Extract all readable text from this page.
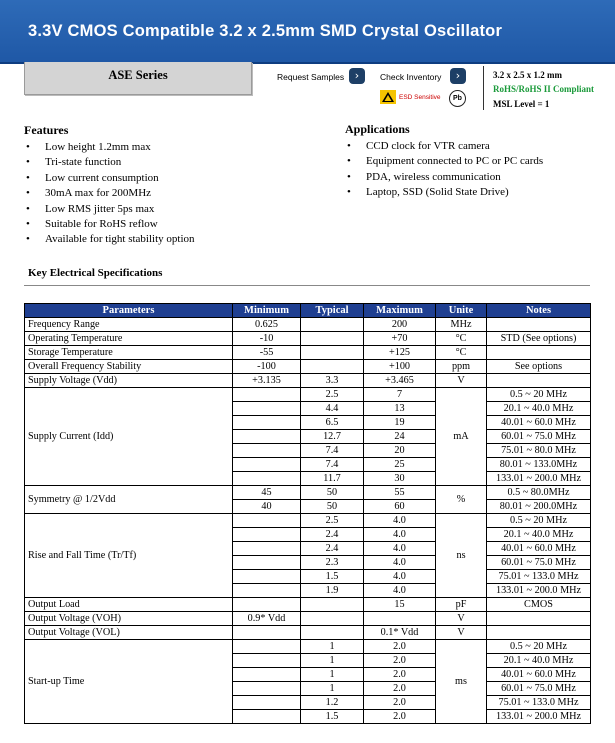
3.3V CMOS Compatible 3.2 x 2.5mm SMD Crystal Oscillator
ASE Series	Request Samples ›	Check Inventory	›
ESD Sensitive	Pb
3.2 x 2.5 x 1.2 mm
RoHS/RoHS II Compliant
MSL Level = 1
Features
• Low height 1.2mm max
• Tri-state function
• Low current consumption
• 30mA max for 200MHz
• Low RMS jitter 5ps max
• Suitable for RoHS reflow
• Available for tight stability option
Applications
• CCD clock for VTR camera
• Equipment connected to PC or PC cards
• PDA, wireless communication
• Laptop, SSD (Solid State Drive)
Key Electrical Specifications
Parameters	Minimum	Typical	Maximum	Unite	Notes
Frequency Range	0.625		200	MHz	
Operating Temperature	-10		+70	°C	STD (See options)
Storage Temperature	-55		+125	°C	
Overall Frequency Stability	-100		+100	ppm	See options
Supply Voltage (Vdd)	+3.135	3.3	+3.465	V	
Supply Current (Idd)		2.5	7	mA	0.5 ~ 20 MHz
		4.4	13		20.1 ~ 40.0 MHz
		6.5	19		40.01 ~ 60.0 MHz
		12.7	24		60.01 ~ 75.0 MHz
		7.4	20		75.01 ~ 80.0 MHz
		7.4	25		80.01 ~ 133.0MHz
		11.7	30		133.01 ~ 200.0 MHz
Symmetry @ 1/2Vdd	45	50	55	%	0.5 ~ 80.0MHz
	40	50	60		80.01 ~ 200.0MHz
Rise and Fall Time (Tr/Tf)		2.5	4.0	ns	0.5 ~ 20 MHz
		2.4	4.0		20.1 ~ 40.0 MHz
		2.4	4.0		40.01 ~ 60.0 MHz
		2.3	4.0		60.01 ~ 75.0 MHz
		1.5	4.0		75.01 ~ 133.0 MHz
		1.9	4.0		133.01 ~ 200.0 MHz
Output Load			15	pF	CMOS
Output Voltage (VOH)	0.9* Vdd			V	
Output Voltage (VOL)			0.1* Vdd	V	
Start-up Time		1	2.0	ms	0.5 ~ 20 MHz
		1	2.0		20.1 ~ 40.0 MHz
		1	2.0		40.01 ~ 60.0 MHz
		1	2.0		60.01 ~ 75.0 MHz
		1.2	2.0		75.01 ~ 133.0 MHz
		1.5	2.0		133.01 ~ 200.0 MHz
